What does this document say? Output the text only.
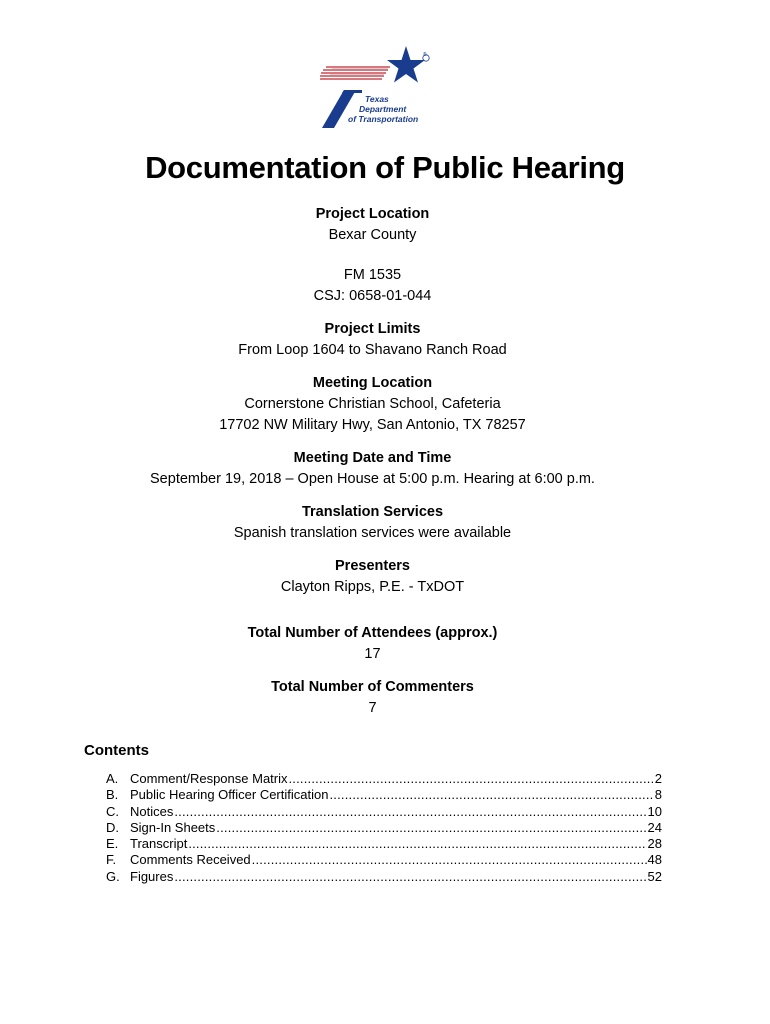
®
Texas
Department
of Transportation
Documentation of Public Hearing
Project Location
Bexar County
FM 1535
CSJ: 0658-01-044
Project Limits
From Loop 1604 to Shavano Ranch Road
Meeting Location
Cornerstone Christian School, Cafeteria
17702 NW Military Hwy, San Antonio, TX 78257
Meeting Date and Time
September 19, 2018 – Open House at 5:00 p.m. Hearing at 6:00 p.m.
Translation Services
Spanish translation services were available
Presenters
Clayton Ripps, P.E. - TxDOT
Total Number of Attendees (approx.)
17
Total Number of Commenters
7
Contents
A. Comment/Response Matrix .....	2
B. Public Hearing Officer Certification .....	8
C. Notices .....	10
D. Sign-In Sheets .....	24
E. Transcript .....	28
F.	Comments Received .....	48
G. Figures .....	52
